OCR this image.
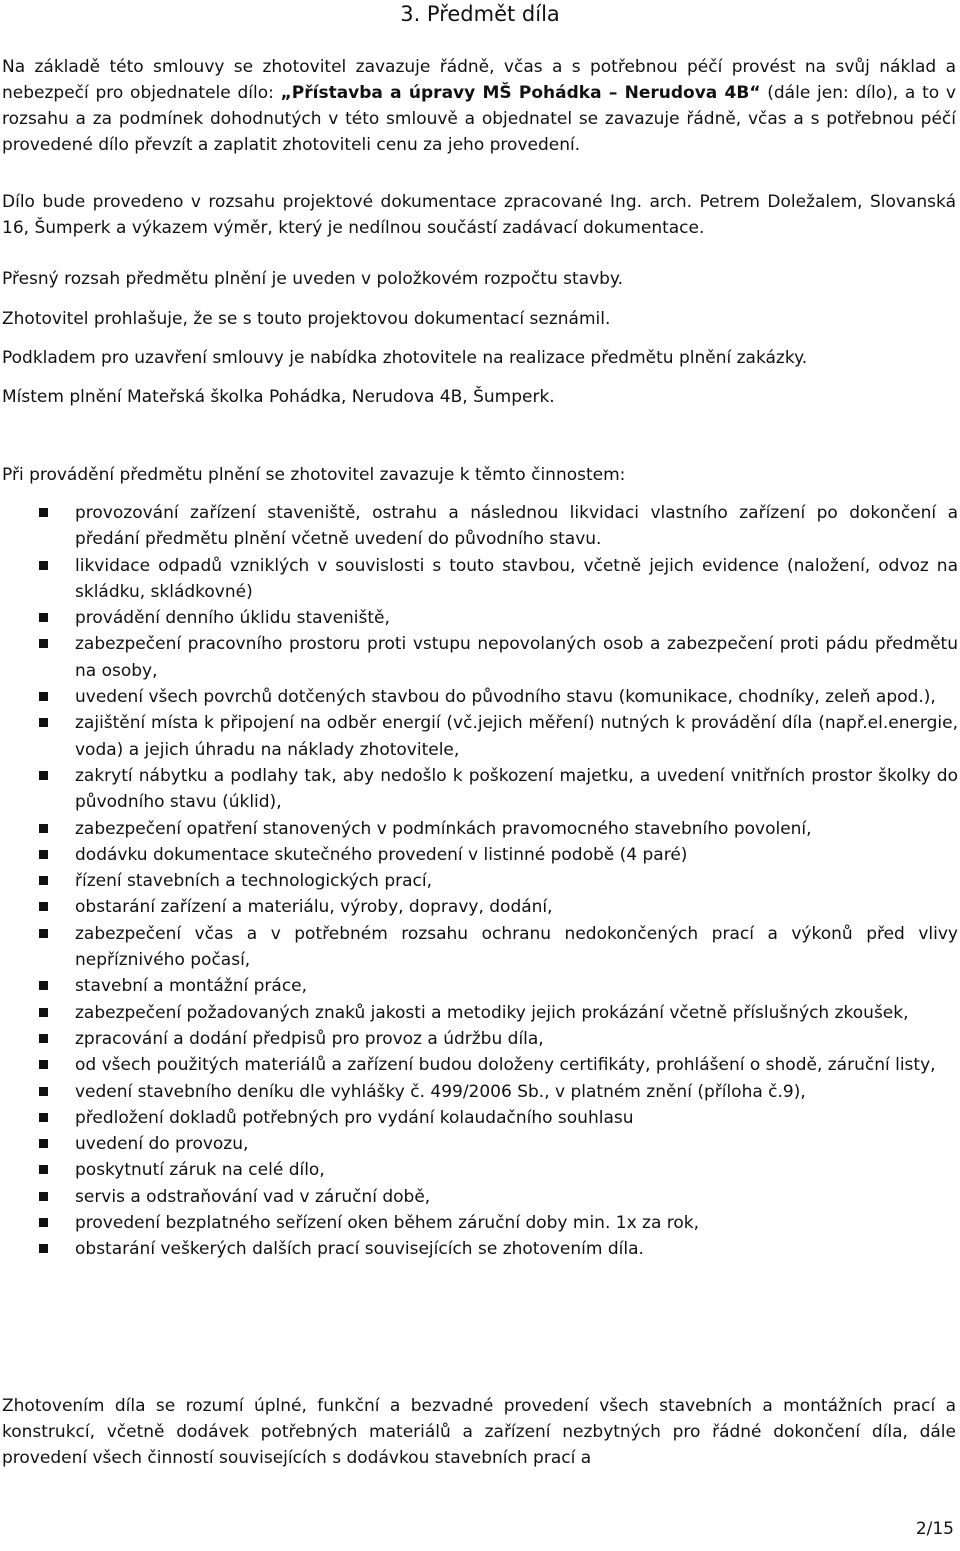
3. Předmět díla
Na základě této smlouvy se zhotovitel zavazuje řádně, včas a s potřebnou péčí provést na svůj náklad a nebezpečí pro objednatele dílo: „Přístavba a úpravy MŠ Pohádka – Nerudova 4B“ (dále jen: dílo), a to v rozsahu a za podmínek dohodnutých v této smlouvě a objednatel se zavazuje řádně, včas a s potřebnou péčí provedené dílo převzít a zaplatit zhotoviteli cenu za jeho provedení.
Dílo bude provedeno v rozsahu projektové dokumentace zpracované Ing. arch. Petrem Doležalem, Slovanská 16, Šumperk a výkazem výměr, který je nedílnou součástí zadávací dokumentace.
Přesný rozsah předmětu plnění je uveden v položkovém rozpočtu stavby.
Zhotovitel prohlašuje, že se s touto projektovou dokumentací seznámil.
Podkladem pro uzavření smlouvy je nabídka zhotovitele na realizace předmětu plnění zakázky.
Místem plnění Mateřská školka Pohádka, Nerudova 4B, Šumperk.
Při provádění předmětu plnění se zhotovitel zavazuje k těmto činnostem:
provozování zařízení staveniště, ostrahu a následnou likvidaci vlastního zařízení po dokončení a předání předmětu plnění včetně uvedení do původního stavu.
likvidace odpadů vzniklých v souvislosti s touto stavbou, včetně jejich evidence (naložení, odvoz na skládku, skládkovné)
provádění denního úklidu staveniště,
zabezpečení pracovního prostoru proti vstupu nepovolaných osob a zabezpečení proti pádu předmětu na osoby,
uvedení všech povrchů dotčených stavbou do původního stavu (komunikace, chodníky, zeleň apod.),
zajištění místa k připojení na odběr energií (vč.jejich měření) nutných k provádění díla (např.el.energie, voda) a jejich úhradu na náklady zhotovitele,
zakrytí nábytku a podlahy tak, aby nedošlo k poškození majetku, a uvedení vnitřních prostor školky do původního stavu (úklid),
zabezpečení opatření stanovených v podmínkách pravomocného stavebního povolení,
dodávku dokumentace skutečného provedení v listinné podobě (4 paré)
řízení stavebních a technologických prací,
obstarání zařízení a materiálu, výroby, dopravy, dodání,
zabezpečení včas a v potřebném rozsahu ochranu nedokončených prací a výkonů před vlivy nepříznivého počasí,
stavební a montážní práce,
zabezpečení požadovaných znaků jakosti a metodiky jejich prokázání včetně příslušných zkoušek,
zpracování a dodání předpisů pro provoz a údržbu díla,
od všech použitých materiálů a zařízení budou doloženy certifikáty, prohlášení o shodě, záruční listy,
vedení stavebního deníku dle vyhlášky č. 499/2006 Sb., v platném znění (příloha č.9),
předložení dokladů potřebných pro vydání kolaudačního souhlasu
uvedení do provozu,
poskytnutí záruk na celé dílo,
servis a odstraňování vad v záruční době,
provedení bezplatného seřízení oken během záruční doby min. 1x za rok,
obstarání veškerých dalších prací souvisejících se zhotovením díla.
Zhotovením díla se rozumí úplné, funkční a bezvadné provedení všech stavebních a montážních prací a konstrukcí, včetně dodávek potřebných materiálů a zařízení nezbytných pro řádné dokončení díla, dále provedení všech činností souvisejících s dodávkou stavebních prací a
2/15
